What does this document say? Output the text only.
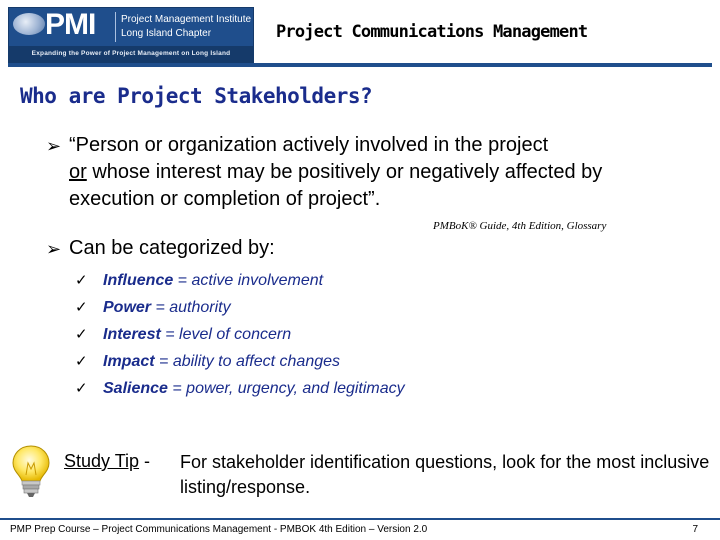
PMI	Project Management Institute
Long Island Chapter
Expanding the Power of Project Management on Long Island
Project Communications Management
Who are Project Stakeholders?
➢ “Person or organization actively involved in the project
or whose interest may be positively or negatively affected by execution or completion of project”.
PMBoK® Guide, 4th Edition, Glossary
➢ Can be categorized by:
✓ Influence = active involvement
✓ Power = authority
✓ Interest = level of concern
✓ Impact = ability to affect changes
✓ Salience = power, urgency, and legitimacy
Study Tip - For stakeholder identification questions, look for the most inclusive listing/response.
PMP Prep Course – Project Communications Management - PMBOK 4th Edition – Version 2.0	7
